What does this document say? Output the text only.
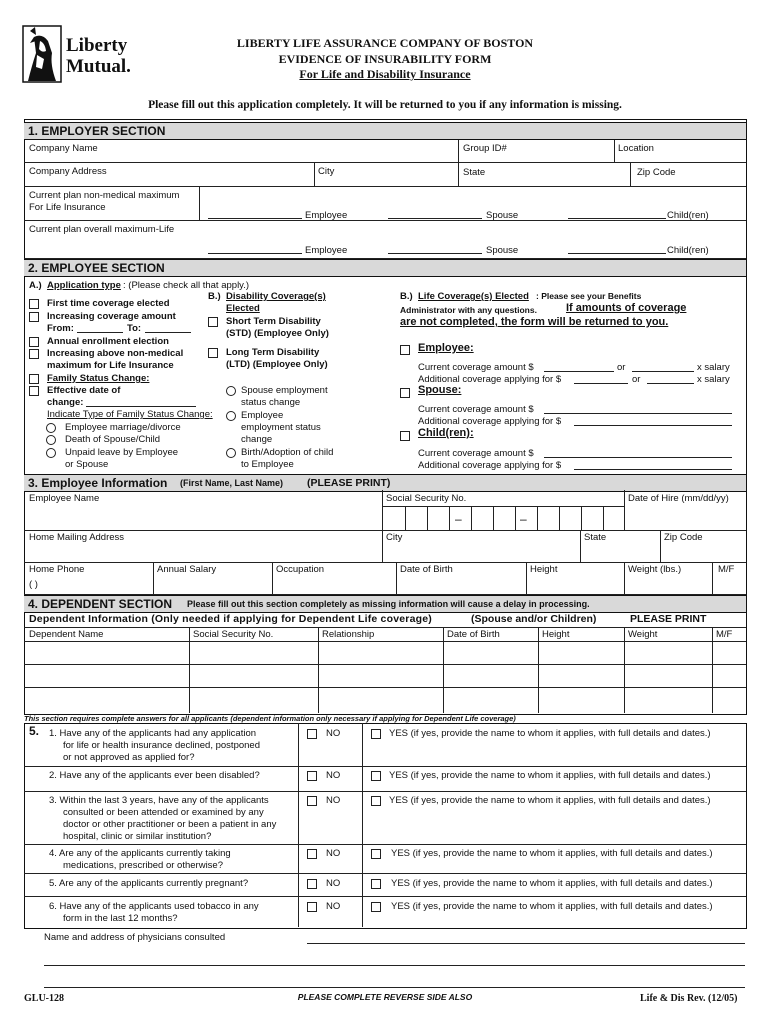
Liberty
Mutual.
LIBERTY LIFE ASSURANCE COMPANY OF BOSTON
EVIDENCE OF INSURABILITY FORM
For Life and Disability Insurance
Please fill out this application completely. It will be returned to you if any information is missing.
1. EMPLOYER SECTION
Company Name	Group ID#	Location
Company Address	City	State	Zip Code
Current plan non-medical maximum
For Life Insurance
Employee	Spouse	Child(ren)
Current plan overall maximum-Life
Employee	Spouse	Child(ren)
2. EMPLOYEE SECTION
A.) Application type : (Please check all that apply.)
First time coverage elected
Increasing coverage amount
From:	To:
Annual enrollment election
Increasing above non-medical
maximum for Life Insurance
Family Status Change:
Effective date of
change:
Indicate Type of Family Status Change:
Employee marriage/divorce
Death of Spouse/Child
Unpaid leave by Employee
or Spouse
B.) Disability Coverage(s)
Elected
Short Term Disability
(STD) (Employee Only)
Long Term Disability
(LTD) (Employee Only)
Spouse employment
status change
Employee
employment status
change
Birth/Adoption of child
to Employee
B.) Life Coverage(s) Elected : Please see your Benefits
Administrator with any questions.	If amounts of coverage
are not completed, the form will be returned to you.
Employee:
Current coverage amount $	or	x salary
Additional coverage applying for $	or	x salary
Spouse:
Current coverage amount $
Additional coverage applying for $
Child(ren):
Current coverage amount $
Additional coverage applying for $
3. Employee Information (First Name, Last Name) (PLEASE PRINT)
Employee Name	Social Security No.
–	–
Date of Hire (mm/dd/yy)
Home Mailing Address	City	State	Zip Code
Home Phone
( )
Annual Salary	Occupation	Date of Birth	Height	Weight (lbs.)	M/F
4. DEPENDENT SECTION Please fill out this section completely as missing information will cause a delay in processing.
Dependent Information (Only needed if applying for Dependent Life coverage)	(Spouse and/or Children)	PLEASE PRINT
Dependent Name	Social Security No.	Relationship	Date of Birth	Height	Weight	M/F
This section requires complete answers for all applicants (dependent information only necessary if applying for Dependent Life coverage)
5. 1. Have any of the applicants had any application
for life or health insurance declined, postponed
or not approved as applied for?
NO	YES (if yes, provide the name to whom it applies, with full details and dates.)
2. Have any of the applicants ever been disabled?	NO	YES (if yes, provide the name to whom it applies, with full details and dates.)
3. Within the last 3 years, have any of the applicants
consulted or been attended or examined by any
doctor or other practitioner or been a patient in any
hospital, clinic or similar institution?
NO	YES (if yes, provide the name to whom it applies, with full details and dates.)
4. Are any of the applicants currently taking
medications, prescribed or otherwise?
NO	YES (if yes, provide the name to whom it applies, with full details and dates.)
5. Are any of the applicants currently pregnant?	NO	YES (if yes, provide the name to whom it applies, with full details and dates.)
6. Have any of the applicants used tobacco in any
form in the last 12 months?
NO	YES (if yes, provide the name to whom it applies, with full details and dates.)
Name and address of physicians consulted
GLU-128	PLEASE COMPLETE REVERSE SIDE ALSO	Life & Dis Rev. (12/05)
